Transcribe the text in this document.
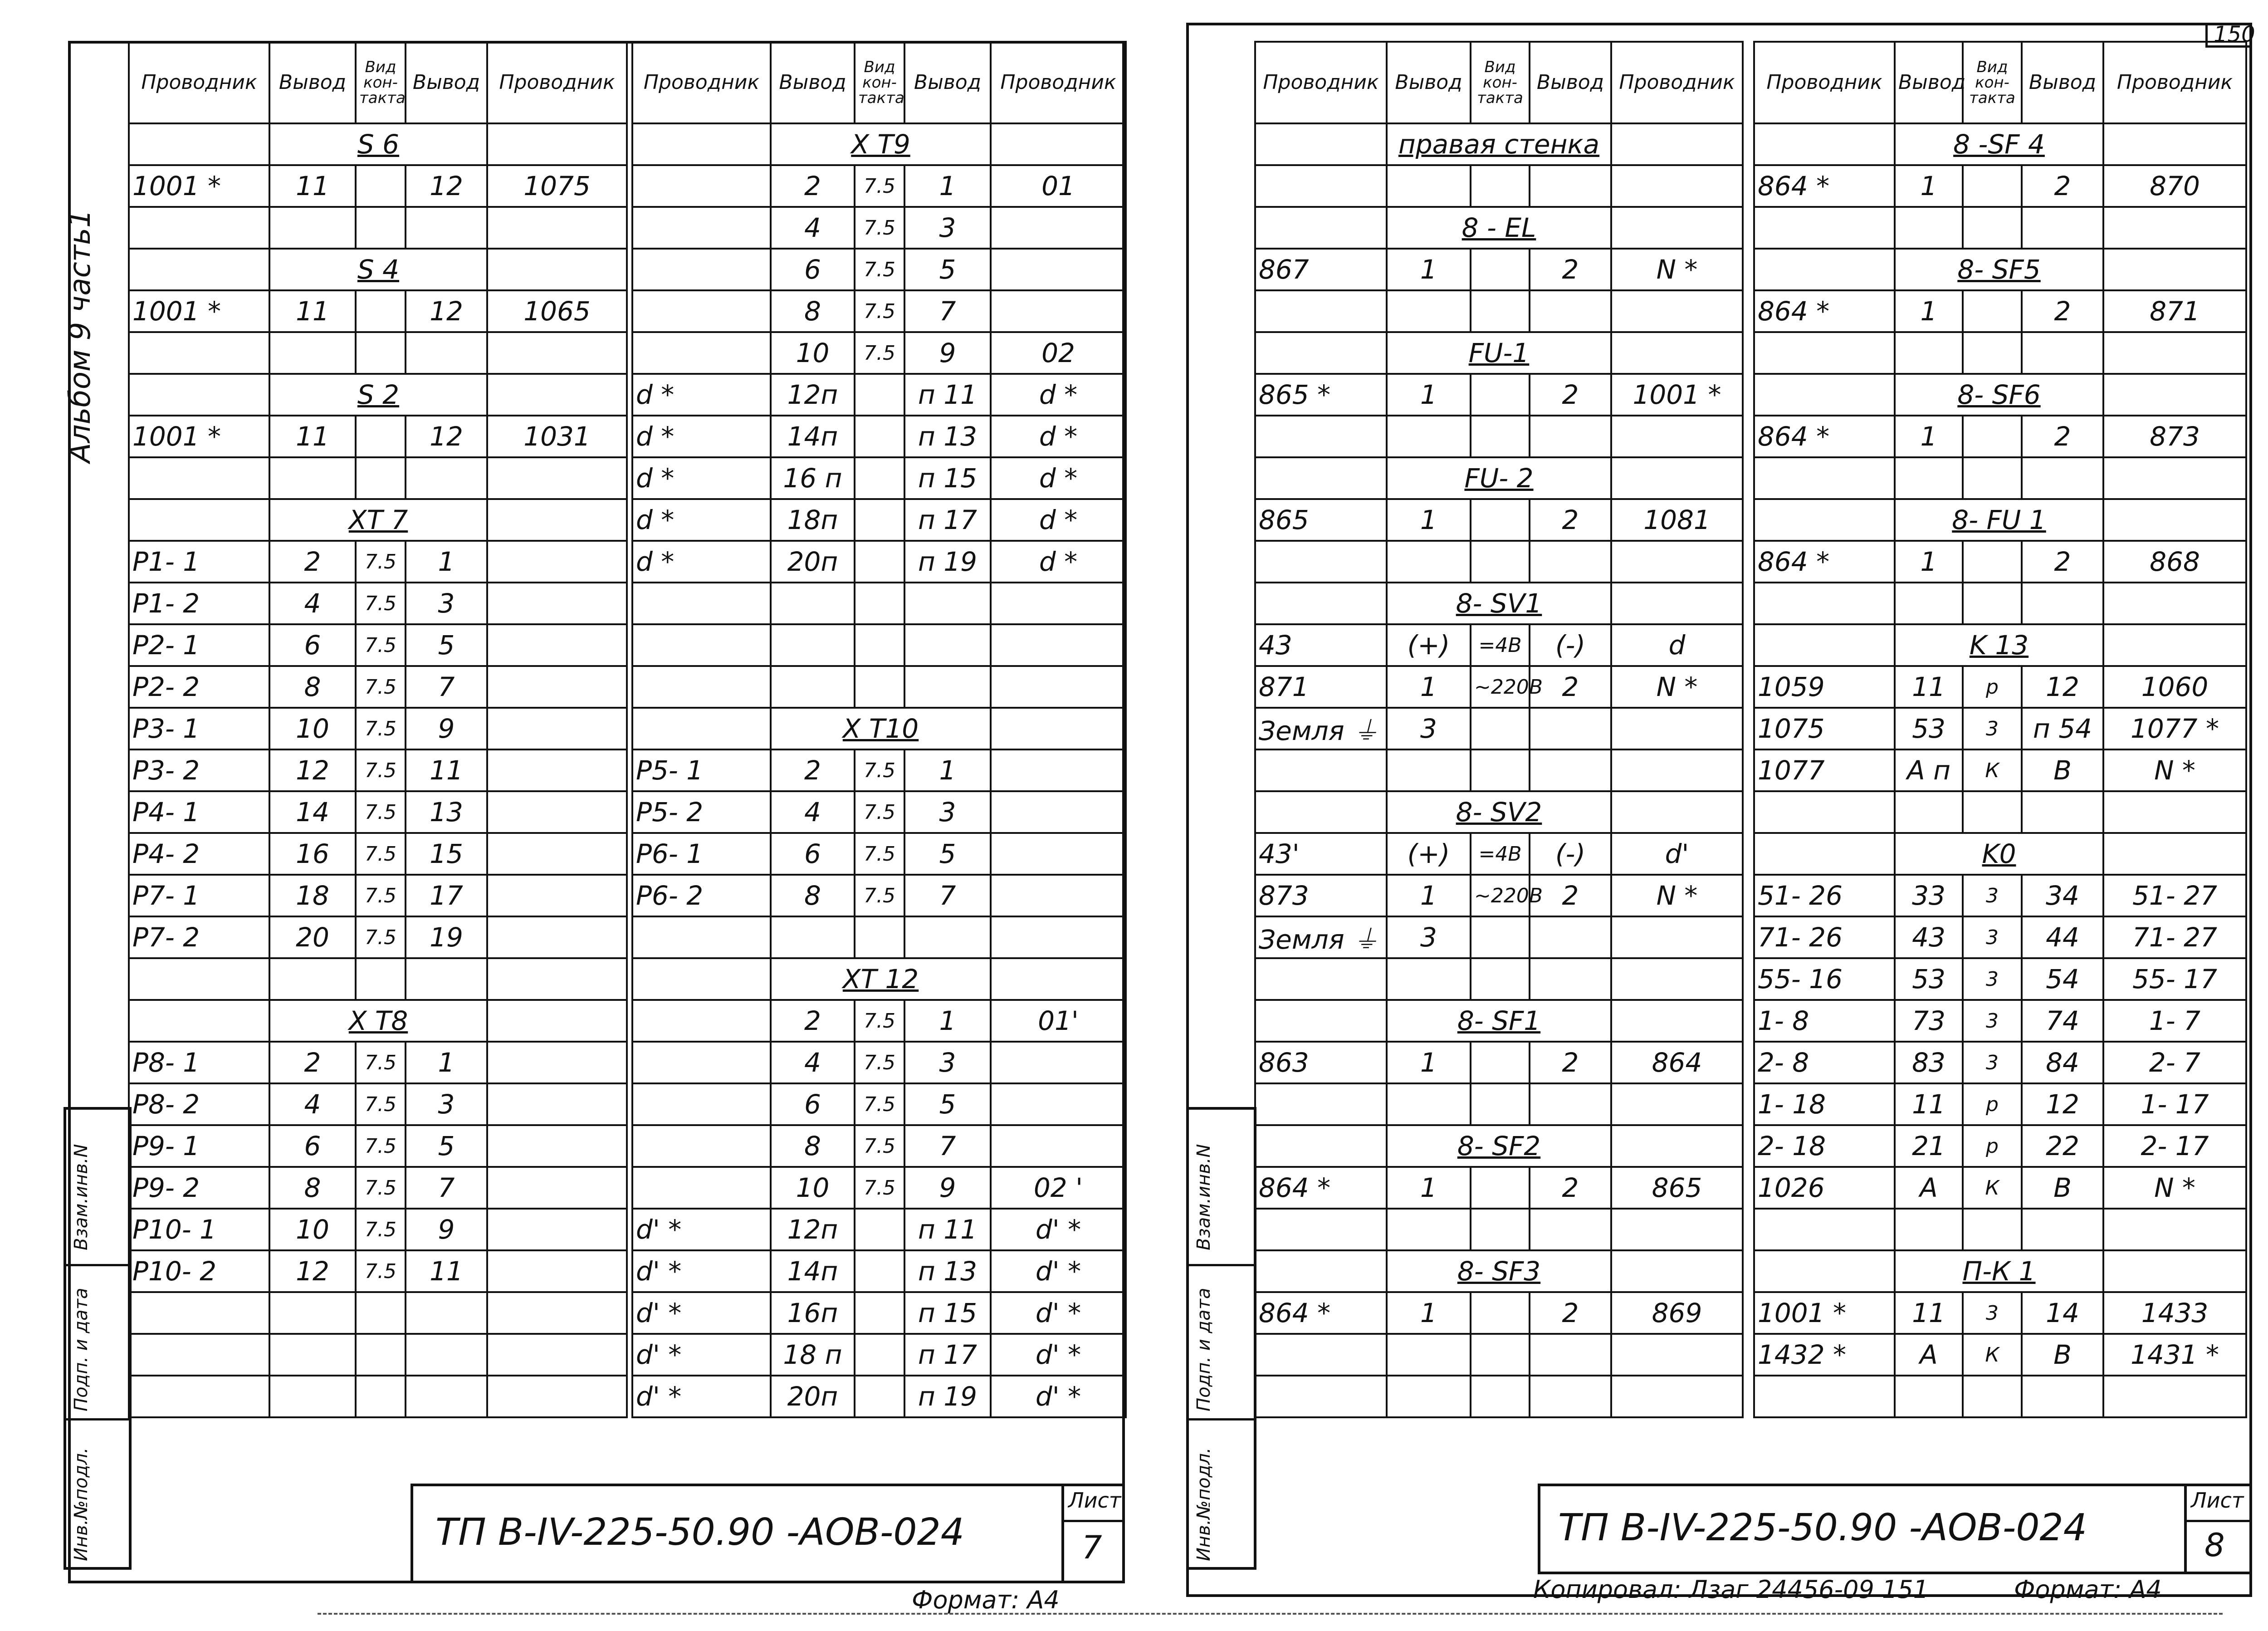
Альбом 9 часть1
Проводник	Вывод	Вид кон- такта	Вывод	Проводник
	S 6			
1001 *	11		12	1075

	S 4			
1001 *	11		12	1065

	S 2			
1001 *	11		12	1031

	XT 7			
P1- 1	2	7.5	1	
P1- 2	4	7.5	3	
P2- 1	6	7.5	5	
P2- 2	8	7.5	7	
P3- 1	10	7.5	9	
P3- 2	12	7.5	11	
P4- 1	14	7.5	13	
P4- 2	16	7.5	15	
P7- 1	18	7.5	17	
P7- 2	20	7.5	19	

	X T8			
P8- 1	2	7.5	1	
P8- 2	4	7.5	3	
P9- 1	6	7.5	5	
P9- 2	8	7.5	7	
P10- 1	10	7.5	9	
P10- 2	12	7.5	11	

Проводник	Вывод	Вид кон- такта	Вывод	Проводник
	X T9			
	2	7.5	1	01
	4	7.5	3	
	6	7.5	5	
	8	7.5	7	
	10	7.5	9	02
d *	12п		п 11	d *
d *	14п		п 13	d *
d *	16 п		п 15	d *
d *	18п		п 17	d *
d *	20п		п 19	d *

	X T10			
P5- 1	2	7.5	1	
P5- 2	4	7.5	3	
P6- 1	6	7.5	5	
P6- 2	8	7.5	7	

	XT 12			
	2	7.5	1	01'
	4	7.5	3	
	6	7.5	5	
	8	7.5	7	
	10	7.5	9	02 '
d' *	12п		п 11	d' *
d' *	14п		п 13	d' *
d' *	16п		п 15	d' *
d' *	18 п		п 17	d' *
d' *	20п		п 19	d' *
Взам.инв.N
Подп. и дата
Инв.№подл.	ТП В-IV-225-50.90 -АОВ-024
Лист
7
Формат: А4
150
Проводник	Вывод	Вид кон- такта	Вывод	Проводник
	правая стенка			

	8 - EL			
867	1		2	N *

	FU-1			
865 *	1		2	1001 *

	FU- 2			
865	1		2	1081

	8- SV1			
43	(+)	=4В	(-)	d
871	1	~220В	2	N *
Земля ⏚	3			

	8- SV2			
43'	(+)	=4В	(-)	d'
873	1	~220В	2	N *
Земля ⏚	3			

	8- SF1			
863	1		2	864

	8- SF2			
864 *	1		2	865

	8- SF3			
864 *	1		2	869

Проводник	Вывод	Вид кон- такта	Вывод	Проводник
	8 -SF 4			
864 *	1		2	870

	8- SF5			
864 *	1		2	871

	8- SF6			
864 *	1		2	873

	8- FU 1			
864 *	1		2	868

	K 13			
1059	11	р	12	1060
1075	53	3	п 54	1077 *
1077	А п	К	В	N *

	K0			
51- 26	33	3	34	51- 27
71- 26	43	3	44	71- 27
55- 16	53	3	54	55- 17
1- 8	73	3	74	1- 7
2- 8	83	3	84	2- 7
1- 18	11	р	12	1- 17
2- 18	21	р	22	2- 17
1026	А	К	В	N *

	П-К 1			
1001 *	11	3	14	1433
1432 *	А	К	В	1431 *

Взам.инв.N
Подп. и дата
Инв.№подл.	ТП В-IV-225-50.90 -АОВ-024
Лист
8
Копировал: Лзаг 24456-09 151	Формат: А4
